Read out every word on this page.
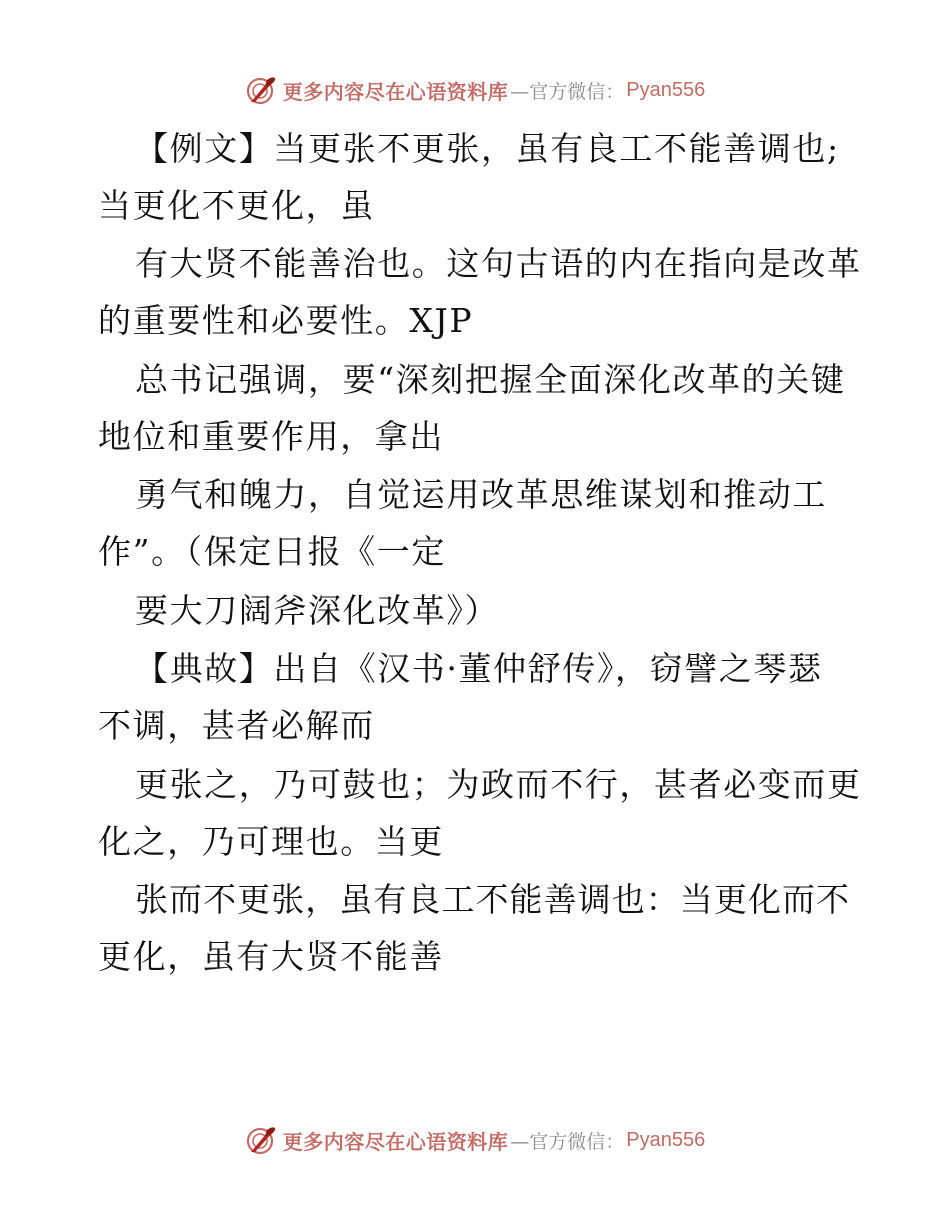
更多内容尽在心语资料库 —官方微信： Pyan556
【例文】当更张不更张，虽有良工不能善调也;
当更化不更化，虽
有大贤不能善治也。这句古语的内在指向是改革
的重要性和必要性。XJP
总书记强调，要“深刻把握全面深化改革的关键
地位和重要作用，拿出
勇气和魄力，自觉运用改革思维谋划和推动工
作”。（保定日报《一定
要大刀阔斧深化改革》）
【典故】出自《汉书·董仲舒传》，窃譬之琴瑟
不调，甚者必解而
更张之，乃可鼓也；为政而不行，甚者必变而更
化之，乃可理也。当更
张而不更张，虽有良工不能善调也：当更化而不
更化，虽有大贤不能善
更多内容尽在心语资料库 —官方微信： Pyan556
